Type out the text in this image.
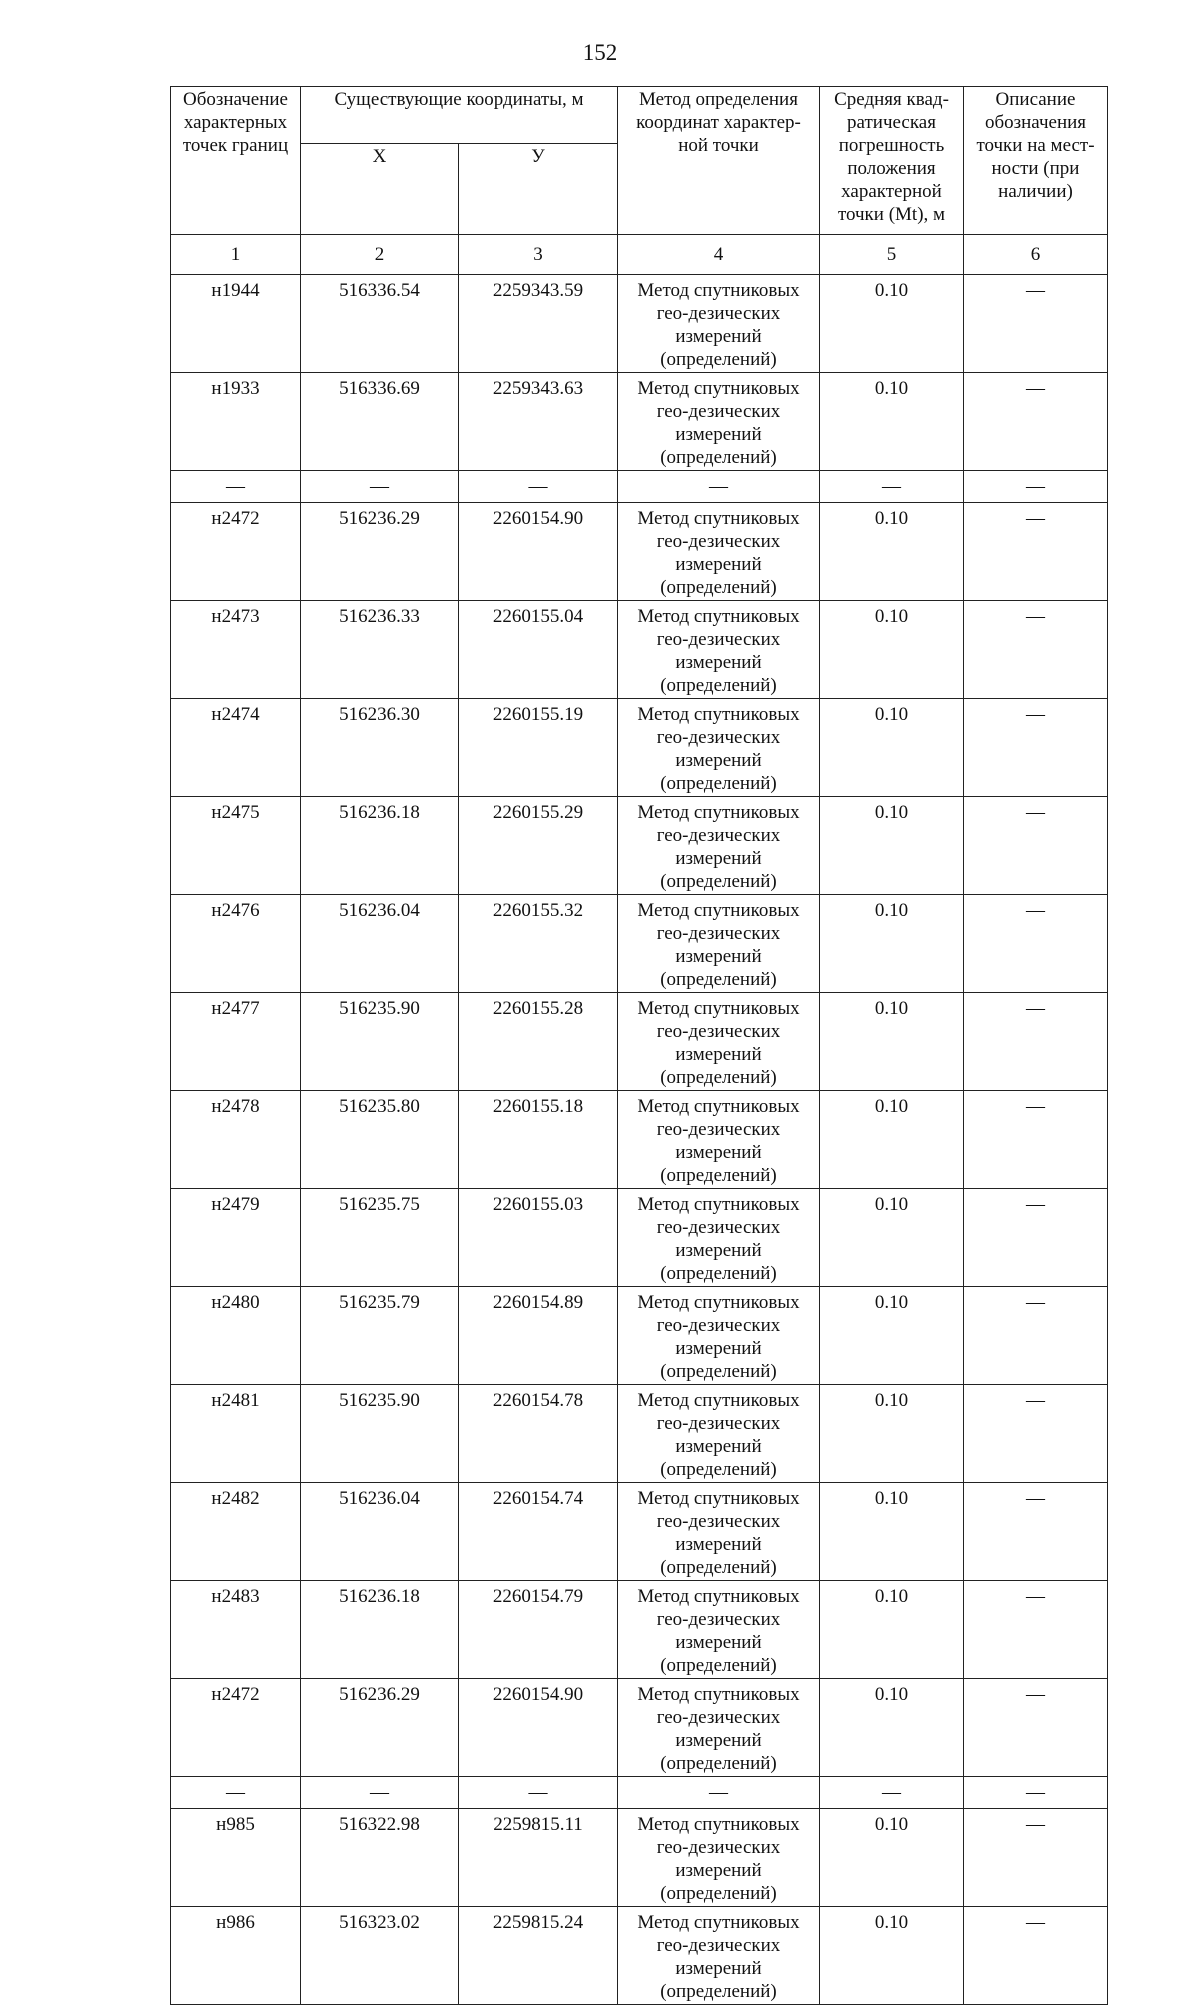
152
Обозначение характерных точек границ	Существующие координаты, м		Метод определения координат характер-ной точки	Средняя квад-ратическая погрешность положения характерной точки (Mt), м	Описание обозначения точки на мест-ности (при наличии)
	Х	У			
1	2	3	4	5	6
н1944	516336.54	2259343.59	Метод спутниковых гео-дезических измерений (определений)	0.10	—
н1933	516336.69	2259343.63	Метод спутниковых гео-дезических измерений (определений)	0.10	—
—	—	—	—	—	—
н2472	516236.29	2260154.90	Метод спутниковых гео-дезических измерений (определений)	0.10	—
н2473	516236.33	2260155.04	Метод спутниковых гео-дезических измерений (определений)	0.10	—
н2474	516236.30	2260155.19	Метод спутниковых гео-дезических измерений (определений)	0.10	—
н2475	516236.18	2260155.29	Метод спутниковых гео-дезических измерений (определений)	0.10	—
н2476	516236.04	2260155.32	Метод спутниковых гео-дезических измерений (определений)	0.10	—
н2477	516235.90	2260155.28	Метод спутниковых гео-дезических измерений (определений)	0.10	—
н2478	516235.80	2260155.18	Метод спутниковых гео-дезических измерений (определений)	0.10	—
н2479	516235.75	2260155.03	Метод спутниковых гео-дезических измерений (определений)	0.10	—
н2480	516235.79	2260154.89	Метод спутниковых гео-дезических измерений (определений)	0.10	—
н2481	516235.90	2260154.78	Метод спутниковых гео-дезических измерений (определений)	0.10	—
н2482	516236.04	2260154.74	Метод спутниковых гео-дезических измерений (определений)	0.10	—
н2483	516236.18	2260154.79	Метод спутниковых гео-дезических измерений (определений)	0.10	—
н2472	516236.29	2260154.90	Метод спутниковых гео-дезических измерений (определений)	0.10	—
—	—	—	—	—	—
н985	516322.98	2259815.11	Метод спутниковых гео-дезических измерений (определений)	0.10	—
н986	516323.02	2259815.24	Метод спутниковых гео-дезических измерений (определений)	0.10	—
